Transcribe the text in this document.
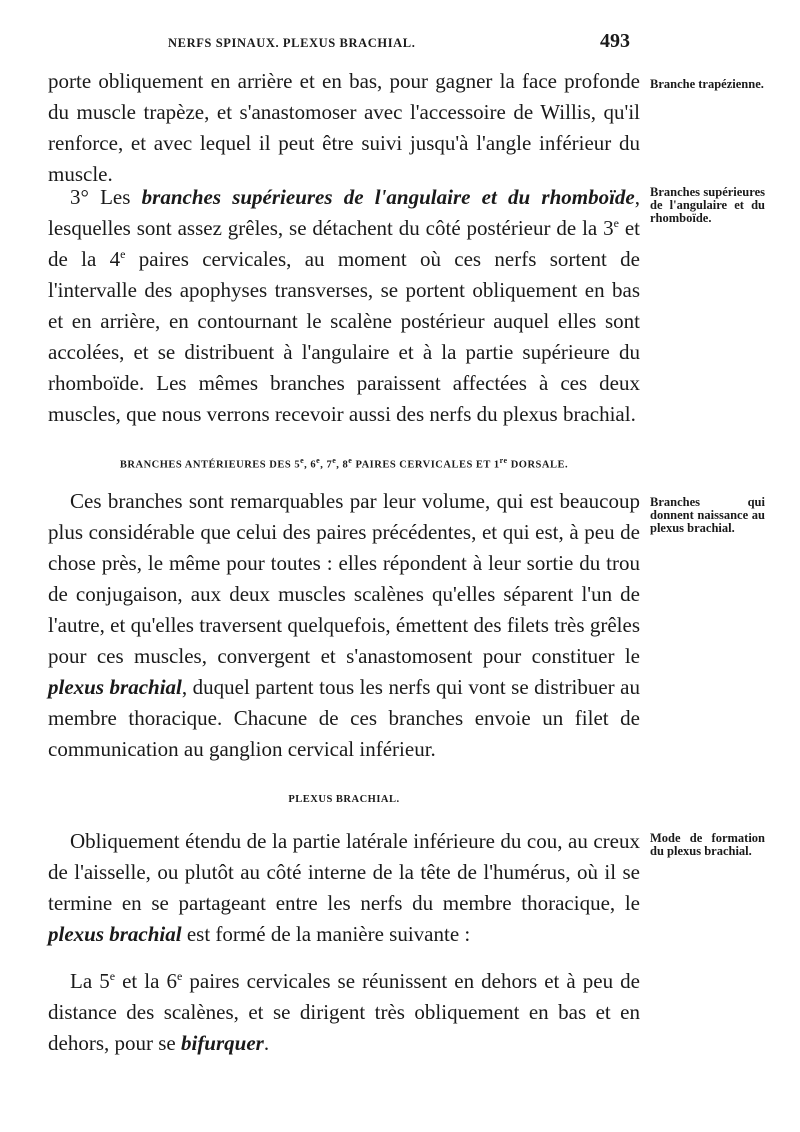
NERFS SPINAUX. PLEXUS BRACHIAL.	493

porte obliquement en arrière et en bas, pour gagner la face profonde du muscle trapèze, et s'anastomoser avec l'accessoire de Willis, qu'il renforce, et avec lequel il peut être suivi jusqu'à l'angle inférieur du muscle.

3° Les branches supérieures de l'angulaire et du rhomboïde, lesquelles sont assez grêles, se détachent du côté postérieur de la 3e et de la 4e paires cervicales, au moment où ces nerfs sortent de l'intervalle des apophyses transverses, se portent obliquement en bas et en arrière, en contournant le scalène postérieur auquel elles sont accolées, et se distribuent à l'angulaire et à la partie supérieure du rhomboïde. Les mêmes branches paraissent affectées à ces deux muscles, que nous verrons recevoir aussi des nerfs du plexus brachial.

BRANCHES ANTÉRIEURES DES 5e, 6e, 7e, 8e PAIRES CERVICALES ET 1re DORSALE.

Ces branches sont remarquables par leur volume, qui est beaucoup plus considérable que celui des paires précédentes, et qui est, à peu de chose près, le même pour toutes : elles répondent à leur sortie du trou de conjugaison, aux deux muscles scalènes qu'elles séparent l'un de l'autre, et qu'elles traversent quelquefois, émettent des filets très grêles pour ces muscles, convergent et s'anastomosent pour constituer le plexus brachial, duquel partent tous les nerfs qui vont se distribuer au membre thoracique. Chacune de ces branches envoie un filet de communication au ganglion cervical inférieur.

PLEXUS BRACHIAL.

Obliquement étendu de la partie latérale inférieure du cou, au creux de l'aisselle, ou plutôt au côté interne de la tête de l'humérus, où il se termine en se partageant entre les nerfs du membre thoracique, le plexus brachial est formé de la manière suivante :

La 5e et la 6e paires cervicales se réunissent en dehors et à peu de distance des scalènes, et se dirigent très obliquement en bas et en dehors, pour se bifurquer.

Branche trapézienne.
Branches supérieures de l'angulaire et du rhomboïde.
Branches qui donnent naissance au plexus brachial.
Mode de formation du plexus brachial.
